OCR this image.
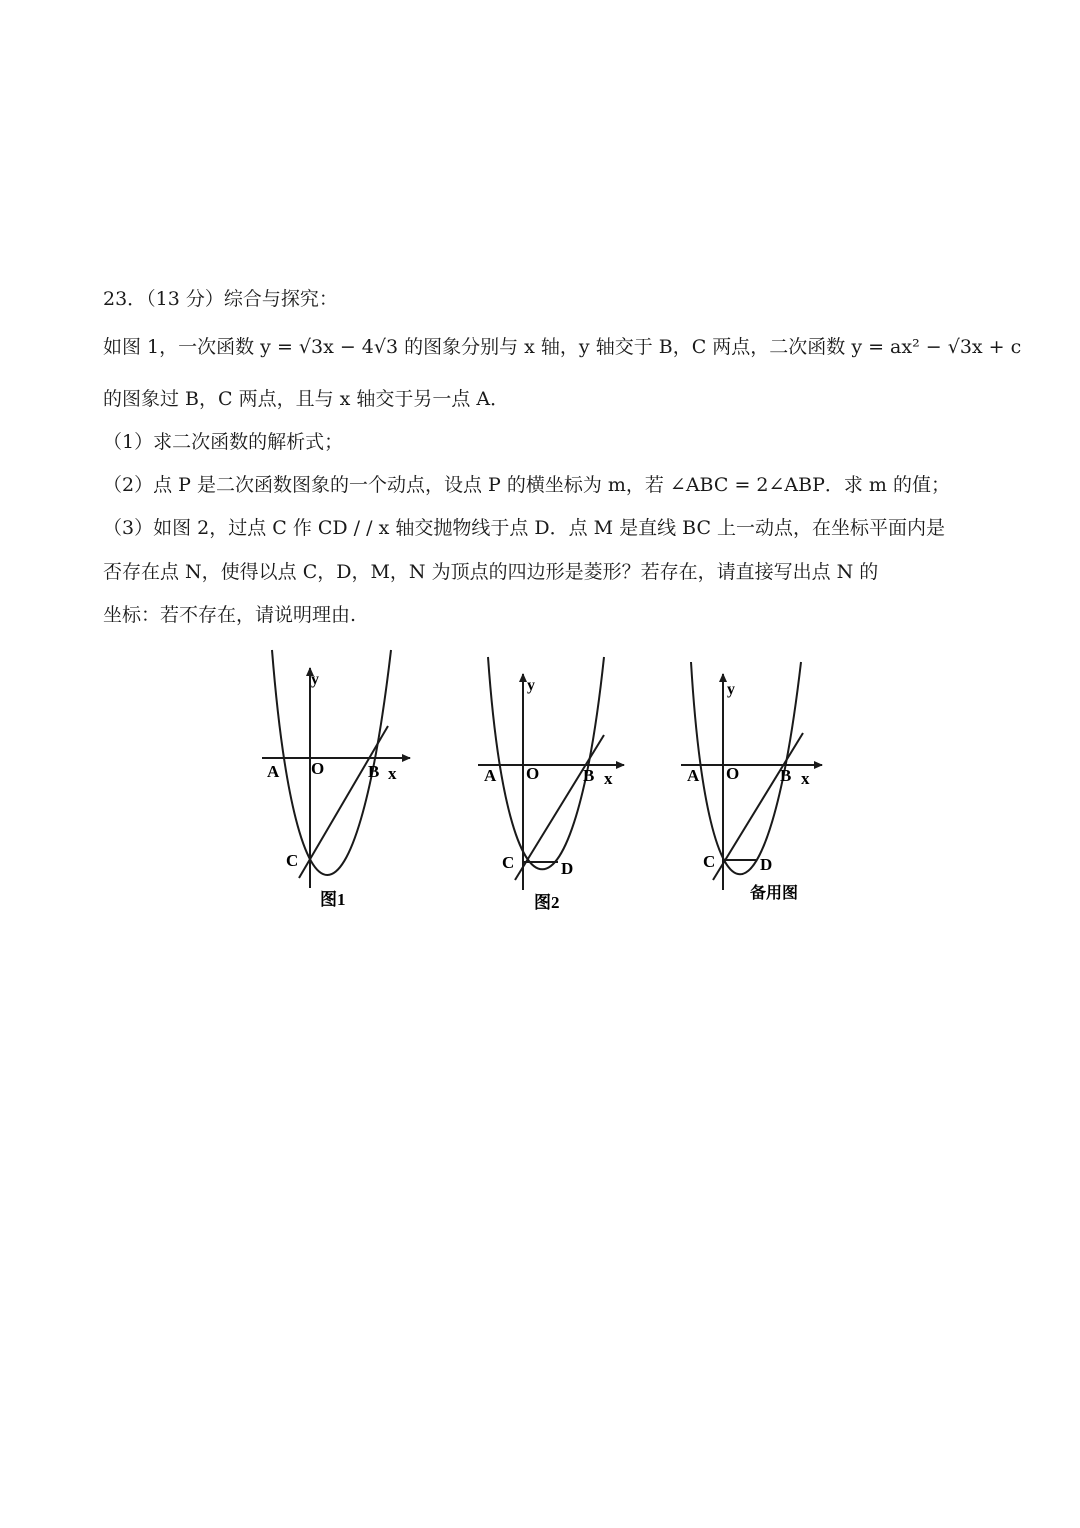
23．（13 分）综合与探究：
如图 1，一次函数 y = √3x − 4√3 的图象分别与 x 轴，y 轴交于 B，C 两点，二次函数 y = ax² − √3x + c
的图象过 B，C 两点，且与 x 轴交于另一点 A．
（1）求二次函数的解析式；
（2）点 P 是二次函数图象的一个动点，设点 P 的横坐标为 m，若 ∠ABC = 2∠ABP．求 m 的值；
（3）如图 2，过点 C 作 CD / / x 轴交抛物线于点 D．点 M 是直线 BC 上一动点，在坐标平面内是
否存在点 N，使得以点 C，D，M，N 为顶点的四边形是菱形？若存在，请直接写出点 N 的
坐标：若不存在，请说明理由.
A O	B x
y
C
图1
A O	B x
y
C	D
图2
A O B x
y
C	D
备用图
